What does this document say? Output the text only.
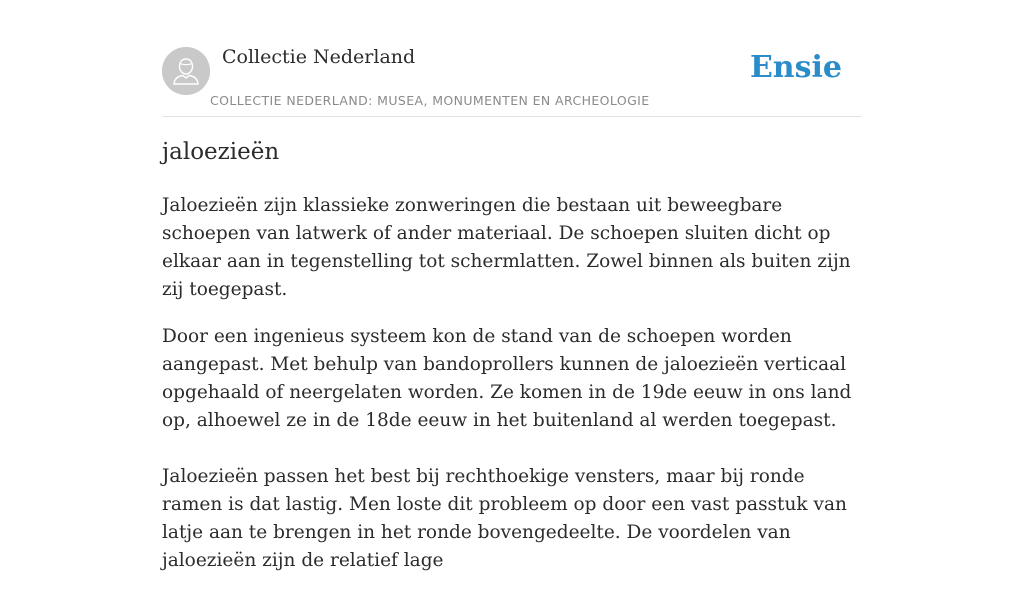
Collectie Nederland
COLLECTIE NEDERLAND: MUSEA, MONUMENTEN EN ARCHEOLOGIE
Ensie
jaloezieën

Jaloezieën zijn klassieke zonweringen die bestaan uit beweegbare schoepen van latwerk of ander materiaal. De schoepen sluiten dicht op elkaar aan in tegenstelling tot schermlatten. Zowel binnen als buiten zijn zij toegepast.

Door een ingenieus systeem kon de stand van de schoepen worden aangepast. Met behulp van bandoprollers kunnen de jaloezieën verticaal opgehaald of neergelaten worden. Ze komen in de 19de eeuw in ons land op, alhoewel ze in de 18de eeuw in het buitenland al werden toegepast.

Jaloezieën passen het best bij rechthoekige vensters, maar bij ronde ramen is dat lastig. Men loste dit probleem op door een vast passtuk van latje aan te brengen in het ronde bovengedeelte. De voordelen van jaloezieën zijn de relatief lage
